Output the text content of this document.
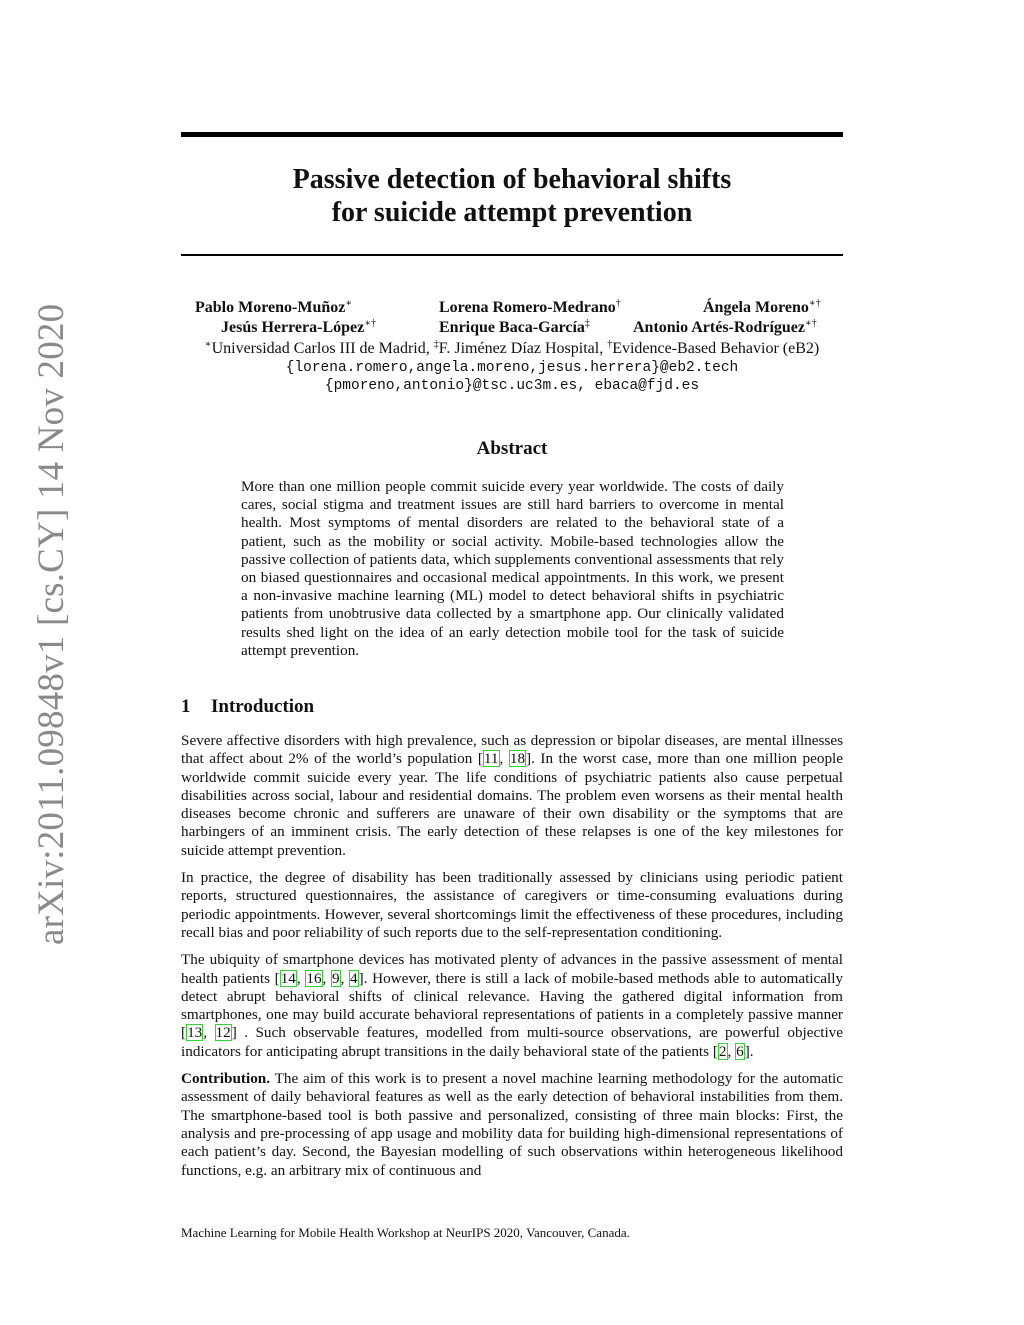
arXiv:2011.09848v1 [cs.CY] 14 Nov 2020
Passive detection of behavioral shifts
for suicide attempt prevention
Pablo Moreno-Muñoz∗	Lorena Romero-Medrano†	Ángela Moreno∗†
Jesús Herrera-López∗†	Enrique Baca-García‡	Antonio Artés-Rodríguez∗†
∗Universidad Carlos III de Madrid, ‡F. Jiménez Díaz Hospital, †Evidence-Based Behavior (eB2)
{lorena.romero,angela.moreno,jesus.herrera}@eb2.tech
{pmoreno,antonio}@tsc.uc3m.es, ebaca@fjd.es
Abstract
More than one million people commit suicide every year worldwide. The costs of daily cares, social stigma and treatment issues are still hard barriers to overcome in mental health. Most symptoms of mental disorders are related to the behavioral state of a patient, such as the mobility or social activity. Mobile-based technologies allow the passive collection of patients data, which supplements conventional assessments that rely on biased questionnaires and occasional medical appointments. In this work, we present a non-invasive machine learning (ML) model to detect behavioral shifts in psychiatric patients from unobtrusive data collected by a smartphone app. Our clinically validated results shed light on the idea of an early detection mobile tool for the task of suicide attempt prevention.
1 Introduction

Severe affective disorders with high prevalence, such as depression or bipolar diseases, are mental illnesses that affect about 2% of the world’s population [11, 18]. In the worst case, more than one million people worldwide commit suicide every year. The life conditions of psychiatric patients also cause perpetual disabilities across social, labour and residential domains. The problem even worsens as their mental health diseases become chronic and sufferers are unaware of their own disability or the symptoms that are harbingers of an imminent crisis. The early detection of these relapses is one of the key milestones for suicide attempt prevention.

In practice, the degree of disability has been traditionally assessed by clinicians using periodic patient reports, structured questionnaires, the assistance of caregivers or time-consuming evaluations during periodic appointments. However, several shortcomings limit the effectiveness of these procedures, including recall bias and poor reliability of such reports due to the self-representation conditioning.

The ubiquity of smartphone devices has motivated plenty of advances in the passive assessment of mental health patients [14, 16, 9, 4]. However, there is still a lack of mobile-based methods able to automatically detect abrupt behavioral shifts of clinical relevance. Having the gathered digital information from smartphones, one may build accurate behavioral representations of patients in a completely passive manner [13, 12] . Such observable features, modelled from multi-source observations, are powerful objective indicators for anticipating abrupt transitions in the daily behavioral state of the patients [2, 6].

Contribution. The aim of this work is to present a novel machine learning methodology for the automatic assessment of daily behavioral features as well as the early detection of behavioral instabilities from them. The smartphone-based tool is both passive and personalized, consisting of three main blocks: First, the analysis and pre-processing of app usage and mobility data for building high-dimensional representations of each patient’s day. Second, the Bayesian modelling of such observations within heterogeneous likelihood functions, e.g. an arbitrary mix of continuous and

Machine Learning for Mobile Health Workshop at NeurIPS 2020, Vancouver, Canada.
